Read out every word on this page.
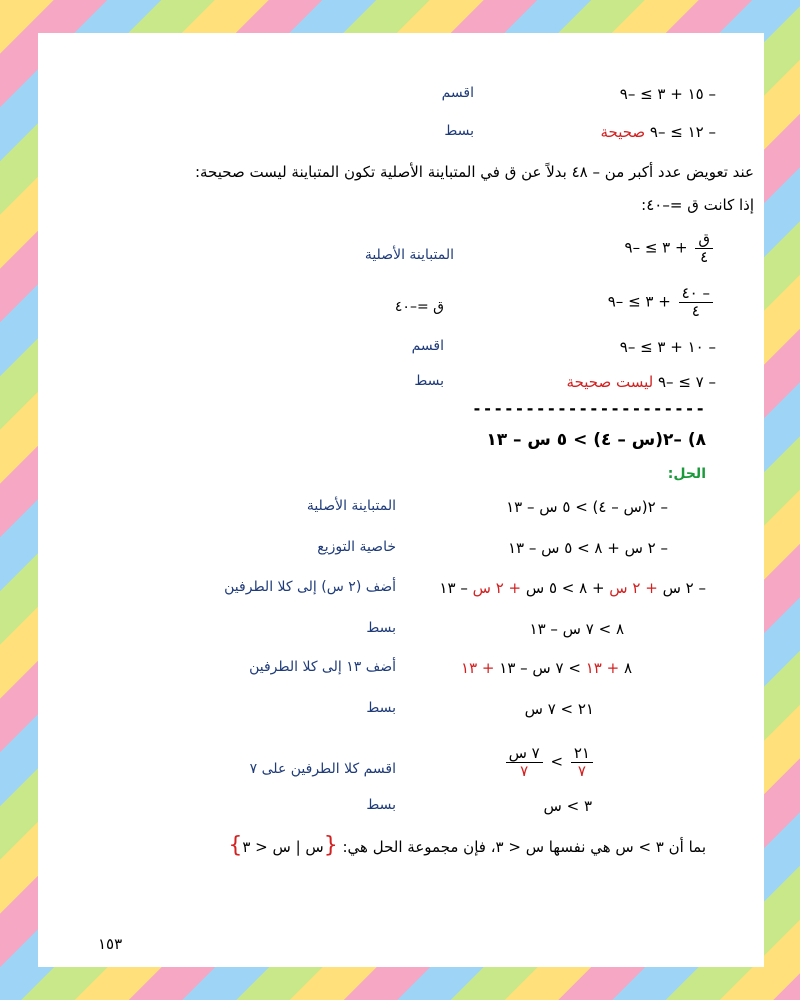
– ١٥ + ٣ ≥ –٩
اقسم
– ١٢ ≥ –٩ صحيحة
بسط
عند تعويض عدد أكبر من – ٤٨ بدلاً عن ق في المتباينة الأصلية تكون المتباينة ليست صحيحة:
إذا كانت ق =–٤٠:
$\frac{\text{ق}}{٤}$
+ ٣ ≥ –٩
المتباينة الأصلية
$\frac{- ٤٠}{٤}$
+ ٣ ≥ –٩
ق =–٤٠
– ١٠ + ٣ ≥ –٩
اقسم
– ٧ ≥ –٩ ليست صحيحة
بسط
----------------------
٨) –٢(س – ٤) > ٥ س – ١٣
الحل:
– ٢(س – ٤) > ٥ س – ١٣
المتباينة الأصلية
– ٢ س + ٨ > ٥ س – ١٣
خاصية التوزيع
– ٢ س + ٢ س + ٨ > ٥ س + ٢ س – ١٣
أضف (٢ س) إلى كلا الطرفين
٨ > ٧ س – ١٣
بسط
٨ + ١٣ > ٧ س – ١٣ + ١٣
أضف ١٣ إلى كلا الطرفين
٢١ > ٧ س
بسط
$\frac{٢١}{٧}$
>
$\frac{\text{٧ س}}{٧}$
اقسم كلا الطرفين على ٧
٣ > س
بسط
بما أن ٣ > س هي نفسها س < ٣، فإن مجموعة الحل هي: {س | س < ٣}
١٥٣
